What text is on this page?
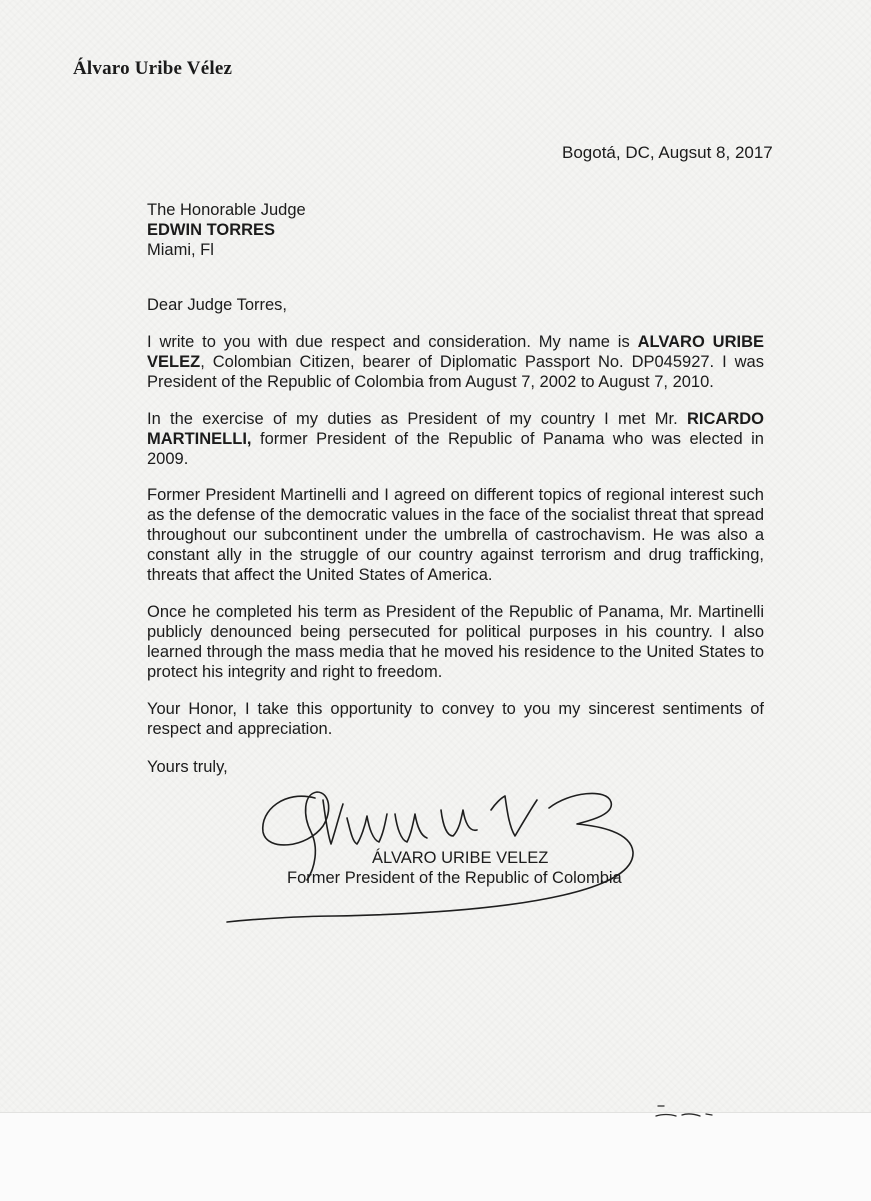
Álvaro Uribe Vélez
Bogotá, DC, Augsut 8, 2017
The Honorable Judge
EDWIN TORRES
Miami, Fl
Dear Judge Torres,
I write to you with due respect and consideration. My name is ALVARO URIBE
VELEZ, Colombian Citizen, bearer of Diplomatic Passport No. DP045927. I was
President of the Republic of Colombia from August 7, 2002 to August 7, 2010.
In the exercise of my duties as President of my country I met Mr. RICARDO
MARTINELLI, former President of the Republic of Panama who was elected in
2009.
Former President Martinelli and I agreed on different topics of regional interest such
as the defense of the democratic values in the face of the socialist threat that spread
throughout our subcontinent under the umbrella of castrochavism. He was also a
constant ally in the struggle of our country against terrorism and drug trafficking,
threats that affect the United States of America.
Once he completed his term as President of the Republic of Panama, Mr. Martinelli
publicly denounced being persecuted for political purposes in his country. I also
learned through the mass media that he moved his residence to the United States to
protect his integrity and right to freedom.
Your Honor, I take this opportunity to convey to you my sincerest sentiments of
respect and appreciation.
Yours truly,
ÁLVARO URIBE VELEZ
Former President of the Republic of Colombia
